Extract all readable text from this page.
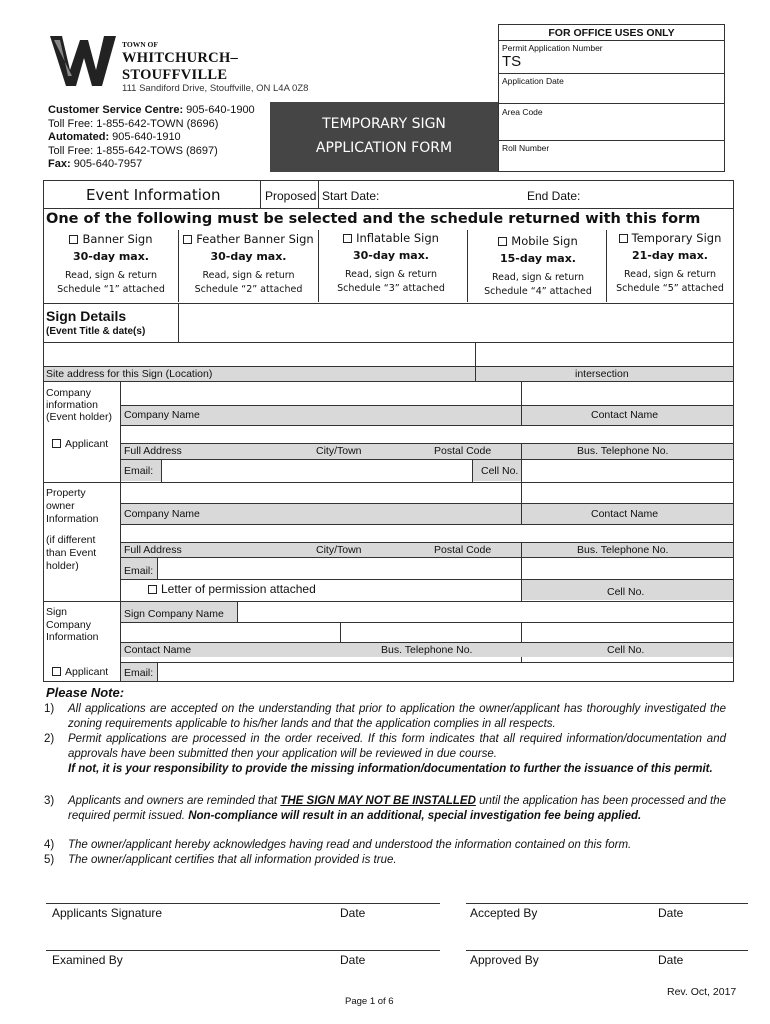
TOWN OF
WHITCHURCH–STOUFFVILLE
111 Sandiford Drive, Stouffville, ON L4A 0Z8
Customer Service Centre: 905-640-1900
Toll Free: 1-855-642-TOWN (8696)
Automated: 905-640-1910
Toll Free: 1-855-642-TOWS (8697)
Fax: 905-640-7957
TEMPORARY SIGN
APPLICATION FORM
FOR OFFICE USES ONLY
Permit Application Number
TS
Application Date
Area Code
Roll Number
Event Information	Proposed Start Date:	End Date:
One of the following must be selected and the schedule returned with this form
Banner Sign
30-day max.
Read, sign & return
Schedule “1” attached
Feather Banner Sign
30-day max.
Read, sign & return
Schedule “2” attached
Inflatable Sign
30-day max.
Read, sign & return
Schedule “3” attached
Mobile Sign
15-day max.
Read, sign & return
Schedule “4” attached
Temporary Sign
21-day max.
Read, sign & return
Schedule “5” attached
Sign Details
(Event Title & date(s)
Site address for this Sign (Location)	intersection
Company
information
(Event holder)
Applicant
Company Name	Contact Name
Full Address	City/Town	Postal Code	Bus. Telephone No.
Email:	Cell No.
Property
owner
Information
(if different
than Event
holder)
Company Name	Contact Name
Full Address	City/Town	Postal Code	Bus. Telephone No.
Email:
Letter of permission attached	Cell No.
Sign
Company
Information
Applicant
Sign Company Name
Contact Name	Bus. Telephone No.	Cell No.
Email:
Please Note:
1) All applications are accepted on the understanding that prior to application the owner/applicant has thoroughly investigated the zoning requirements applicable to his/her lands and that the application complies in all respects.
2) Permit applications are processed in the order received. If this form indicates that all required information/documentation and approvals have been submitted then your application will be reviewed in due course.
If not, it is your responsibility to provide the missing information/documentation to further the issuance of this permit.
3) Applicants and owners are reminded that THE SIGN MAY NOT BE INSTALLED until the application has been processed and the required permit issued. Non-compliance will result in an additional, special investigation fee being applied.
4) The owner/applicant hereby acknowledges having read and understood the information contained on this form.
5) The owner/applicant certifies that all information provided is true.
Applicants Signature	Date	Accepted By	Date
Examined By	Date	Approved By	Date
Page 1 of 6
Rev. Oct, 2017
